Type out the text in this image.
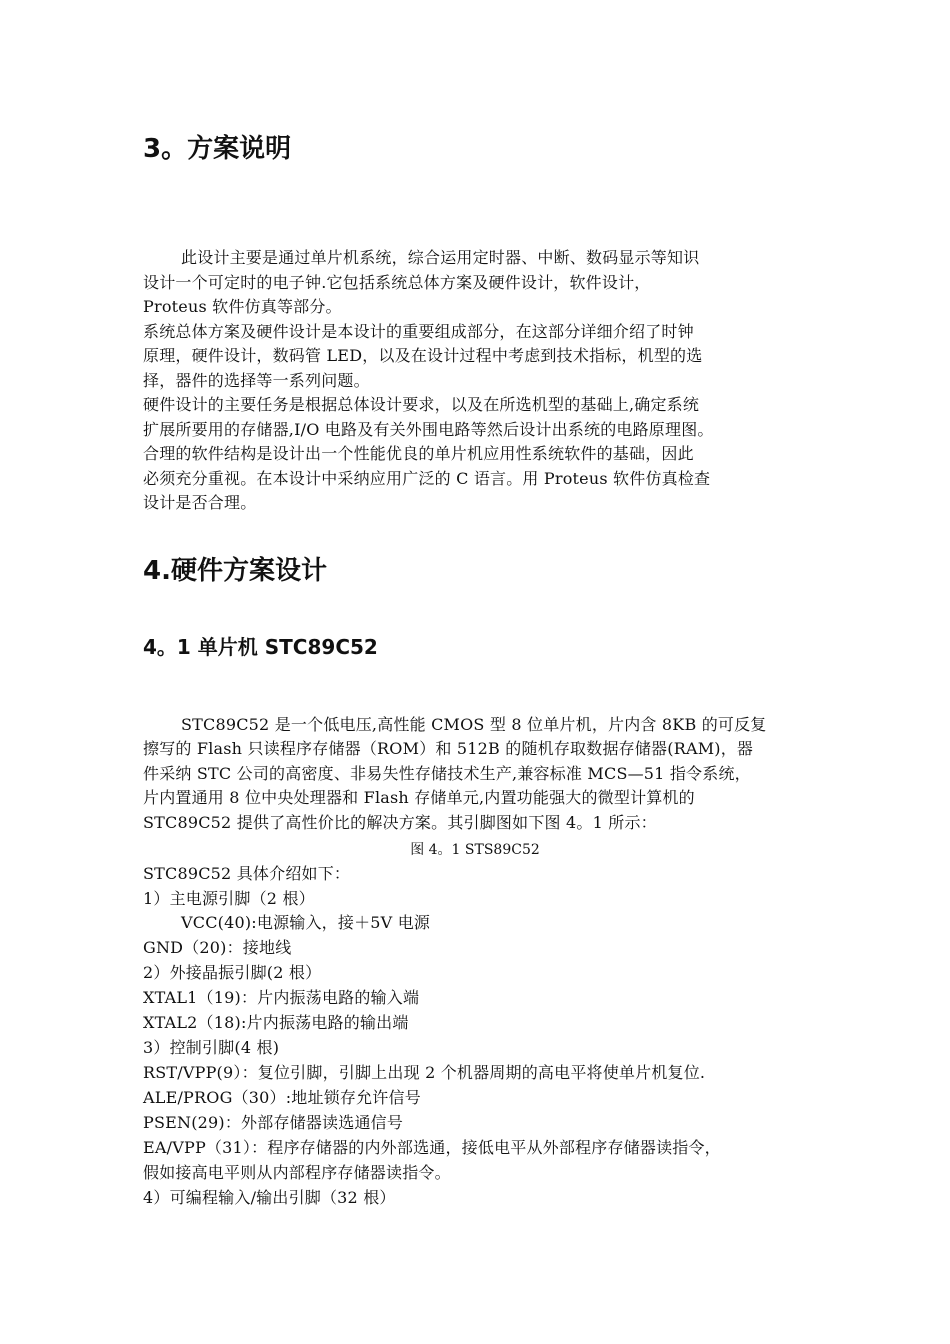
3。方案说明

此设计主要是通过单片机系统，综合运用定时器、中断、数码显示等知识

设计一个可定时的电子钟.它包括系统总体方案及硬件设计，软件设计，

Proteus 软件仿真等部分。

系统总体方案及硬件设计是本设计的重要组成部分，在这部分详细介绍了时钟

原理，硬件设计，数码管 LED，以及在设计过程中考虑到技术指标，机型的选

择，器件的选择等一系列问题。

硬件设计的主要任务是根据总体设计要求，以及在所选机型的基础上,确定系统

扩展所要用的存储器,I/O 电路及有关外围电路等然后设计出系统的电路原理图。

合理的软件结构是设计出一个性能优良的单片机应用性系统软件的基础，因此

必须充分重视。在本设计中采纳应用广泛的 C 语言。用 Proteus 软件仿真检查

设计是否合理。

4.硬件方案设计
4。1 单片机 STC89C52

STC89C52 是一个低电压,高性能 CMOS 型 8 位单片机，片内含 8KB 的可反复

擦写的 Flash 只读程序存储器（ROM）和 512B 的随机存取数据存储器(RAM)，器

件采纳 STC 公司的高密度、非易失性存储技术生产,兼容标准 MCS—51 指令系统，

片内置通用 8 位中央处理器和 Flash 存储单元,内置功能强大的微型计算机的

STC89C52 提供了高性价比的解决方案。其引脚图如下图 4。1 所示：

图 4。1 STS89C52

STC89C52 具体介绍如下：

1）主电源引脚（2 根）

VCC(40):电源输入，接＋5V 电源

GND（20)：接地线

2）外接晶振引脚(2 根）

XTAL1（19)：片内振荡电路的输入端

XTAL2（18):片内振荡电路的输出端

3）控制引脚(4 根)

RST/VPP(9）：复位引脚，引脚上出现 2 个机器周期的高电平将使单片机复位.

ALE/PROG（30）:地址锁存允许信号

PSEN(29)：外部存储器读选通信号

EA/VPP（31）：程序存储器的内外部选通，接低电平从外部程序存储器读指令，

假如接高电平则从内部程序存储器读指令。

4）可编程输入/输出引脚（32 根）
